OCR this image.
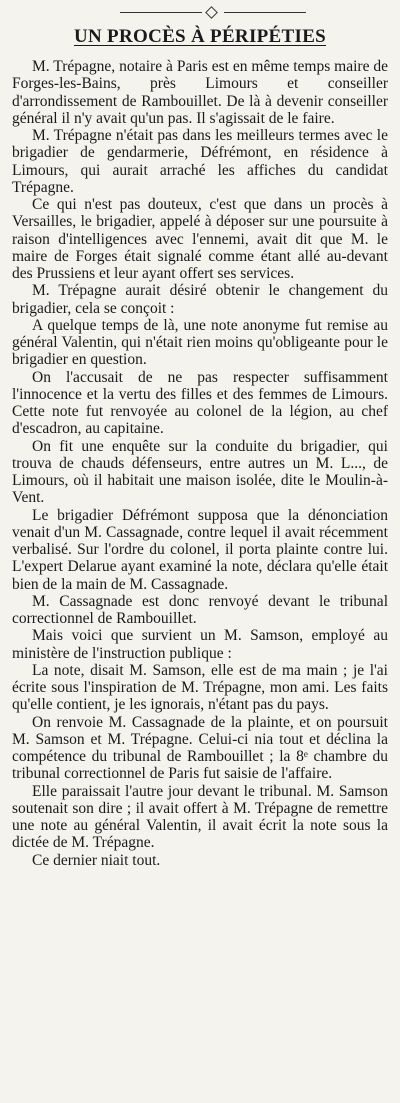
UN PROCÈS À PÉRIPÉTIES

M. Trépagne, notaire à Paris est en même temps maire de Forges-les-Bains, près Limours et conseiller d'arrondissement de Rambouillet. De là à devenir conseiller général il n'y avait qu'un pas. Il s'agissait de le faire.

M. Trépagne n'était pas dans les meilleurs termes avec le brigadier de gendarmerie, Défrémont, en résidence à Limours, qui aurait arraché les affiches du candidat Trépagne.

Ce qui n'est pas douteux, c'est que dans un procès à Versailles, le brigadier, appelé à déposer sur une poursuite à raison d'intelligences avec l'ennemi, avait dit que M. le maire de Forges était signalé comme étant allé au-devant des Prussiens et leur ayant offert ses services.

M. Trépagne aurait désiré obtenir le changement du brigadier, cela se conçoit :

A quelque temps de là, une note anonyme fut remise au général Valentin, qui n'était rien moins qu'obligeante pour le brigadier en question.

On l'accusait de ne pas respecter suffisamment l'innocence et la vertu des filles et des femmes de Limours. Cette note fut renvoyée au colonel de la légion, au chef d'escadron, au capitaine.

On fit une enquête sur la conduite du brigadier, qui trouva de chauds défenseurs, entre autres un M. L..., de Limours, où il habitait une maison isolée, dite le Moulin-à-Vent.

Le brigadier Défrémont supposa que la dénonciation venait d'un M. Cassagnade, contre lequel il avait récemment verbalisé. Sur l'ordre du colonel, il porta plainte contre lui. L'expert Delarue ayant examiné la note, déclara qu'elle était bien de la main de M. Cassagnade.

M. Cassagnade est donc renvoyé devant le tribunal correctionnel de Rambouillet.

Mais voici que survient un M. Samson, employé au ministère de l'instruction publique :

La note, disait M. Samson, elle est de ma main ; je l'ai écrite sous l'inspiration de M. Trépagne, mon ami. Les faits qu'elle contient, je les ignorais, n'étant pas du pays.

On renvoie M. Cassagnade de la plainte, et on poursuit M. Samson et M. Trépagne. Celui-ci nia tout et déclina la compétence du tribunal de Rambouillet ; la 8ᵉ chambre du tribunal correctionnel de Paris fut saisie de l'affaire.

Elle paraissait l'autre jour devant le tribunal. M. Samson soutenait son dire ; il avait offert à M. Trépagne de remettre une note au général Valentin, il avait écrit la note sous la dictée de M. Trépagne.

Ce dernier niait tout.
